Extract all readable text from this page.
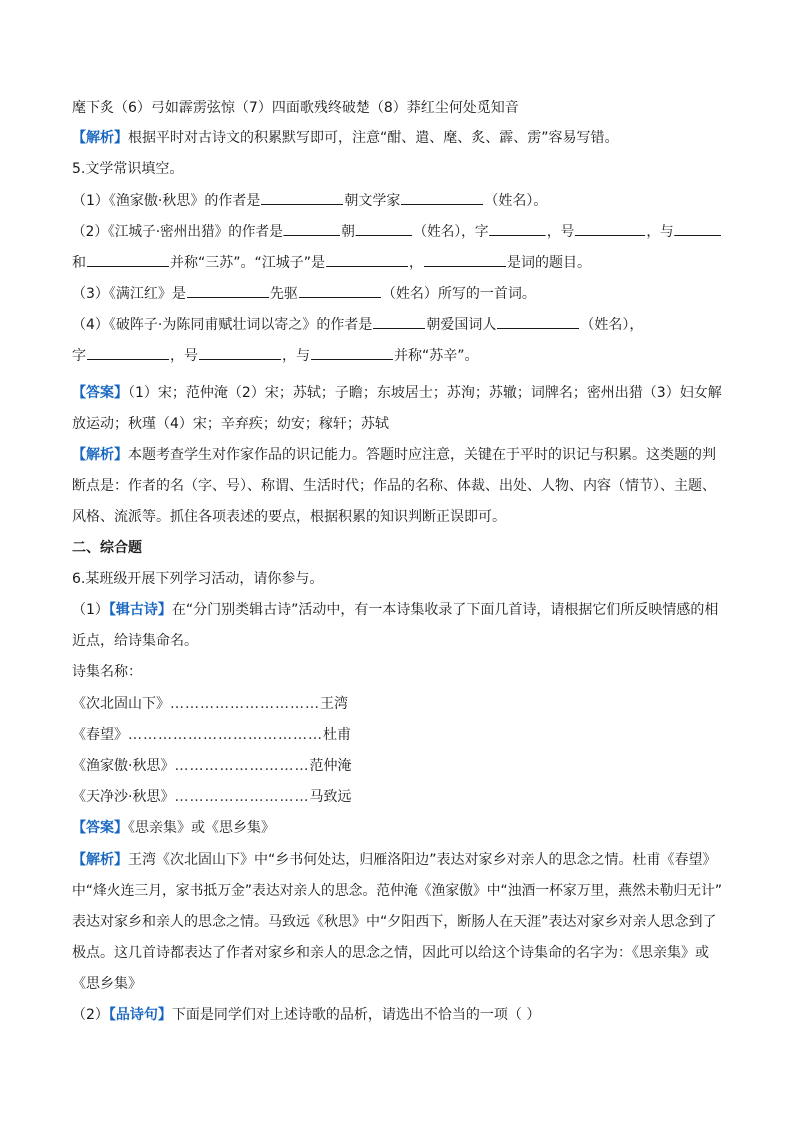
麾下炙（6）弓如霹雳弦惊（7）四面歌残终破楚（8）莽红尘何处觅知音
【解析】根据平时对古诗文的积累默写即可，注意“酣、遣、麾、炙、霹、雳”容易写错。
5.文学常识填空。
（1）《渔家傲·秋思》的作者是	朝文学家	（姓名）。
（2）《江城子·密州出猎》的作者是	朝	（姓名），字	，号	，与
和	并称“三苏”。“江城子”是	，	是词的题目。
（3）《满江红》是	先驱	（姓名）所写的一首词。
（4）《破阵子·为陈同甫赋壮词以寄之》的作者是	朝爱国词人	（姓名），
字	，号	，与	并称“苏辛”。
【答案】（1）宋；范仲淹（2）宋；苏轼；子瞻；东坡居士；苏洵；苏辙；词牌名；密州出猎（3）妇女解
放运动；秋瑾（4）宋；辛弃疾；幼安；稼轩；苏轼
【解析】本题考查学生对作家作品的识记能力。答题时应注意，关键在于平时的识记与积累。这类题的判
断点是：作者的名（字、号）、称谓、生活时代；作品的名称、体裁、出处、人物、内容（情节）、主题、
风格、流派等。抓住各项表述的要点，根据积累的知识判断正误即可。
二、综合题
6.某班级开展下列学习活动，请你参与。
（1）【辑古诗】在“分门别类辑古诗”活动中，有一本诗集收录了下面几首诗，请根据它们所反映情感的相
近点，给诗集命名。
诗集名称：
《次北固山下》…………………………王湾
《春望》…………………………………杜甫
《渔家傲·秋思》………………………范仲淹
《天净沙·秋思》………………………马致远
【答案】《思亲集》或《思乡集》
【解析】王湾《次北固山下》中“乡书何处达，归雁洛阳边”表达对家乡对亲人的思念之情。杜甫《春望》
中“烽火连三月，家书抵万金”表达对亲人的思念。范仲淹《渔家傲》中“浊酒一杯家万里，燕然未勒归无计”
表达对家乡和亲人的思念之情。马致远《秋思》中“夕阳西下，断肠人在天涯”表达对家乡对亲人思念到了
极点。这几首诗都表达了作者对家乡和亲人的思念之情，因此可以给这个诗集命的名字为：《思亲集》或
《思乡集》
（2）【品诗句】下面是同学们对上述诗歌的品析，请选出不恰当的一项（ ）
